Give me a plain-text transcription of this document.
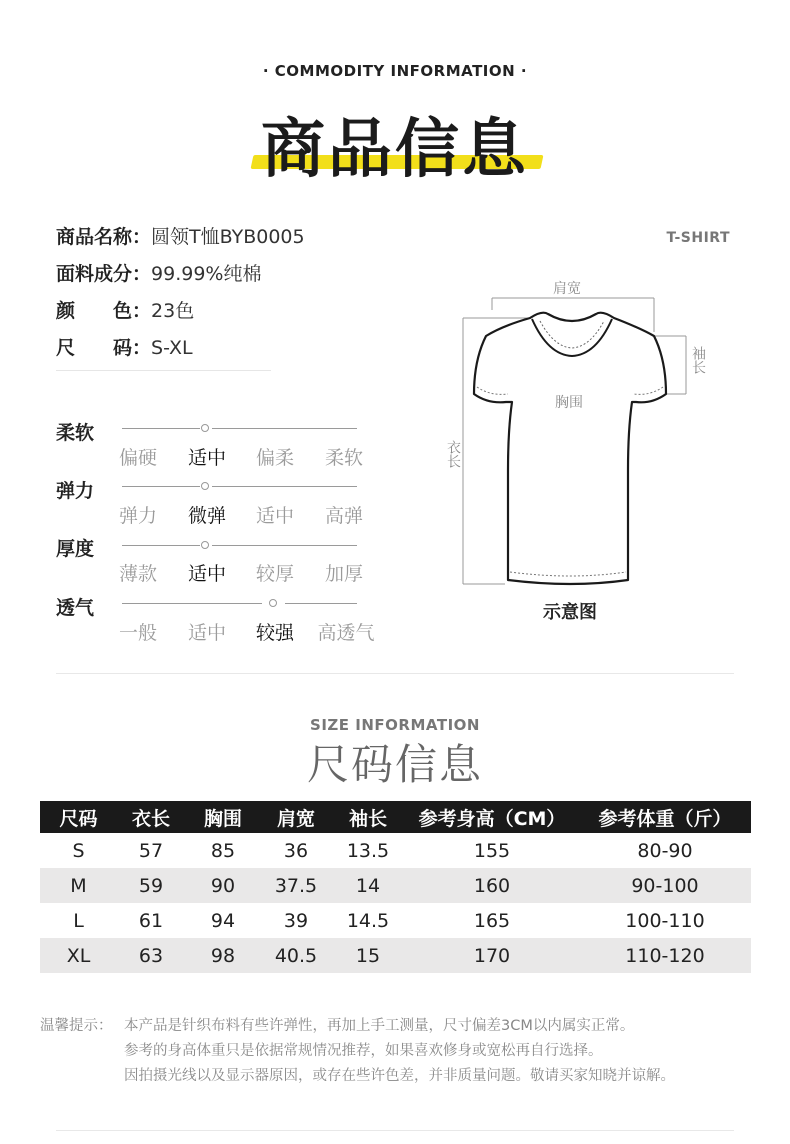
· COMMODITY INFORMATION ·
商品信息
商品名称：圆领T恤BYB0005
面料成分：99.99%纯棉
颜　　色：23色
尺　　码：S-XL
柔软
偏硬	适中	偏柔	柔软
弹力
弹力	微弹	适中	高弹
厚度
薄款	适中	较厚	加厚
透气
一般	适中	较强	高透气
T-SHIRT
肩宽
袖长
胸围
衣长
示意图
SIZE INFORMATION
尺码信息
尺码	衣长	胸围	肩宽	袖长	参考身高（CM）	参考体重（斤）
S	57	85	36	13.5	155	80-90
M	59	90	37.5	14	160	90-100
L	61	94	39	14.5	165	100-110
XL	63	98	40.5	15	170	110-120
温馨提示： 本产品是针织布料有些许弹性，再加上手工测量，尺寸偏差3CM以内属实正常。
参考的身高体重只是依据常规情况推荐，如果喜欢修身或宽松再自行选择。
因拍摄光线以及显示器原因，或存在些许色差，并非质量问题。敬请买家知晓并谅解。
